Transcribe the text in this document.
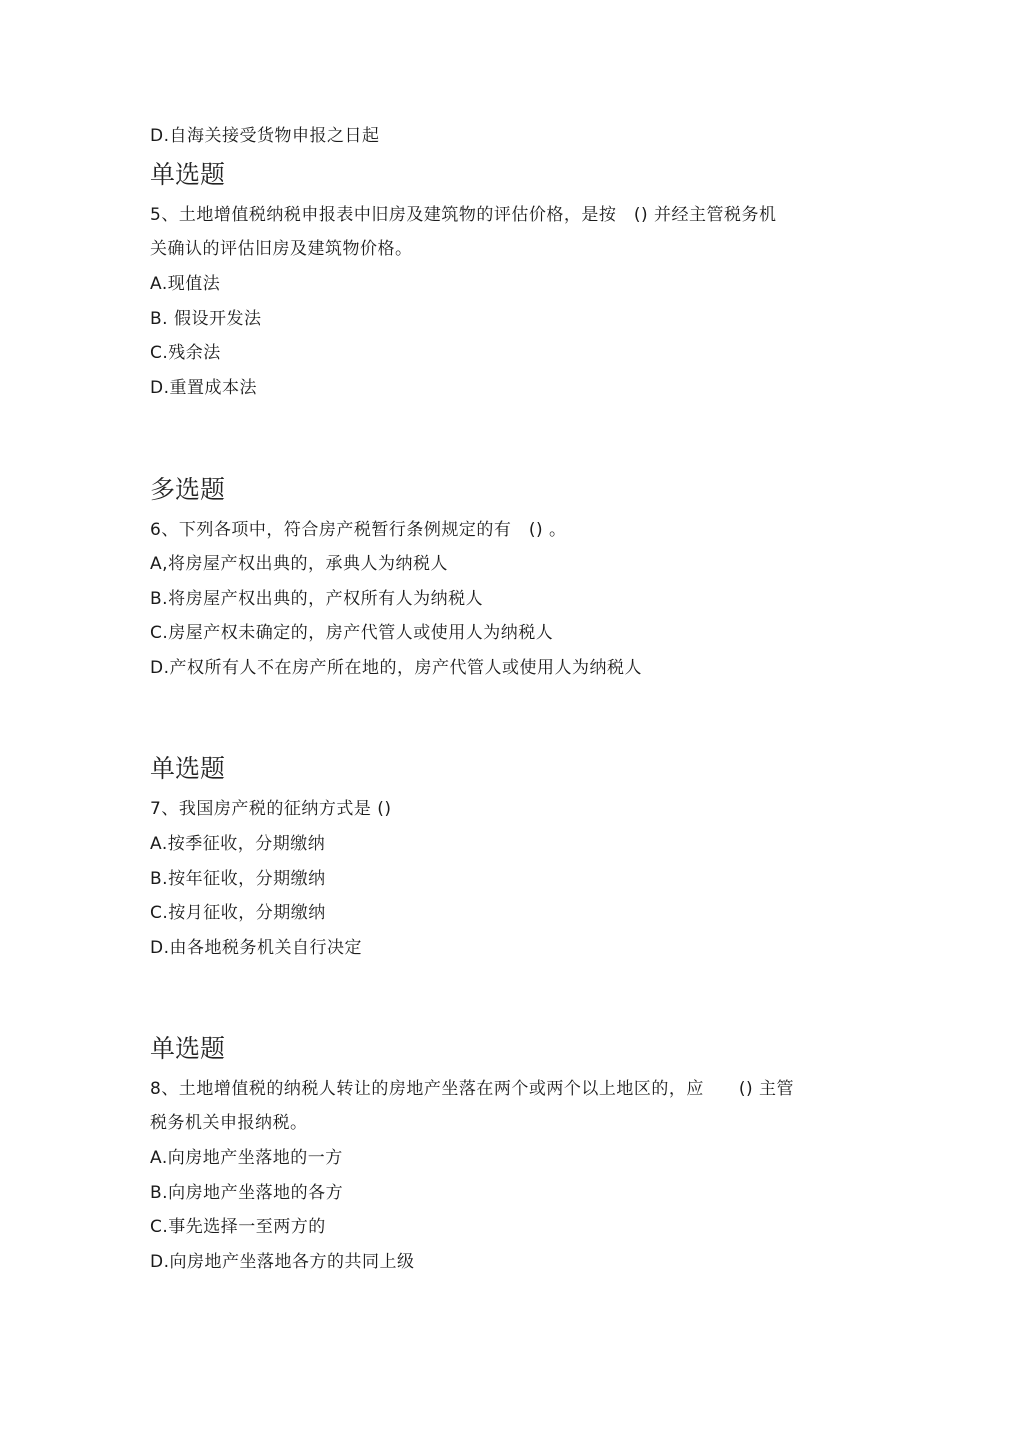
D.自海关接受货物申报之日起
单选题
5、土地增值税纳税申报表中旧房及建筑物的评估价格，是按　() 并经主管税务机
关确认的评估旧房及建筑物价格。
A.现值法
B. 假设开发法
C.残余法
D.重置成本法
多选题
6、下列各项中，符合房产税暂行条例规定的有　() 。
A,将房屋产权出典的，承典人为纳税人
B.将房屋产权出典的，产权所有人为纳税人
C.房屋产权未确定的，房产代管人或使用人为纳税人
D.产权所有人不在房产所在地的，房产代管人或使用人为纳税人
单选题
7、我国房产税的征纳方式是 ()
A.按季征收，分期缴纳
B.按年征收，分期缴纳
C.按月征收，分期缴纳
D.由各地税务机关自行决定
单选题
8、土地增值税的纳税人转让的房地产坐落在两个或两个以上地区的，应　　() 主管
税务机关申报纳税。
A.向房地产坐落地的一方
B.向房地产坐落地的各方
C.事先选择一至两方的
D.向房地产坐落地各方的共同上级
